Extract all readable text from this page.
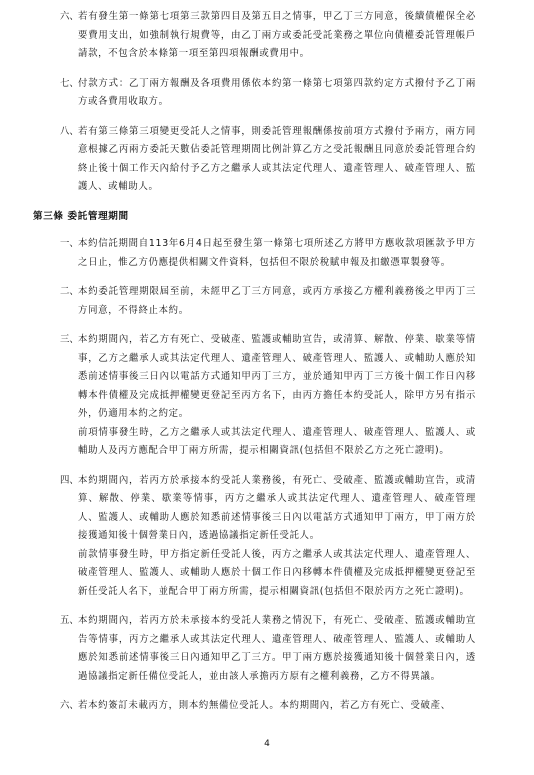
六、 若有發生第一條第七項第三款第四目及第五目之情事，甲乙丁三方同意，後續債權保全必要費用支出，如強制執行規費等，由乙丁兩方或委託受託業務之單位向債權委託管理帳戶請款，不包含於本條第一項至第四項報酬或費用中。
七、 付款方式：乙丁兩方報酬及各項費用係依本約第一條第七項第四款約定方式撥付予乙丁兩方或各費用收取方。
八、 若有第三條第三項變更受託人之情事，則委託管理報酬係按前項方式撥付予兩方，兩方同意根據乙丙兩方委託天數佔委託管理期間比例計算乙方之受託報酬且同意於委託管理合約終止後十個工作天內給付予乙方之繼承人或其法定代理人、遺產管理人、破產管理人、監護人、或輔助人。
第三條 委託管理期間
一、 本約信託期間自113年6月4日起至發生第一條第七項所述乙方將甲方應收款項匯款予甲方之日止，惟乙方仍應提供相關文件資料，包括但不限於稅賦申報及扣繳憑單製發等。
二、 本約委託管理期限屆至前，未經甲乙丁三方同意，或丙方承接乙方權利義務後之甲丙丁三方同意，不得終止本約。
三、 本約期間內，若乙方有死亡、受破產、監護或輔助宣告，或清算、解散、停業、歇業等情事，乙方之繼承人或其法定代理人、遺產管理人、破產管理人、監護人、或輔助人應於知悉前述情事後三日內以電話方式通知甲丙丁三方，並於通知甲丙丁三方後十個工作日內移轉本件債權及完成抵押權變更登記至丙方名下，由丙方擔任本約受託人，除甲方另有指示外，仍適用本約之約定。
前項情事發生時，乙方之繼承人或其法定代理人、遺產管理人、破產管理人、監護人、或輔助人及丙方應配合甲丁兩方所需，提示相關資訊(包括但不限於乙方之死亡證明)。
四、 本約期間內，若丙方於承接本約受託人業務後，有死亡、受破產、監護或輔助宣告，或清算、解散、停業、歇業等情事，丙方之繼承人或其法定代理人、遺產管理人、破產管理人、監護人、或輔助人應於知悉前述情事後三日內以電話方式通知甲丁兩方，甲丁兩方於接獲通知後十個營業日內，透過協議指定新任受託人。
前款情事發生時，甲方指定新任受託人後，丙方之繼承人或其法定代理人、遺產管理人、破產管理人、監護人、或輔助人應於十個工作日內移轉本件債權及完成抵押權變更登記至新任受託人名下，並配合甲丁兩方所需，提示相關資訊(包括但不限於丙方之死亡證明)。
五、 本約期間內，若丙方於未承接本約受託人業務之情況下，有死亡、受破產、監護或輔助宣告等情事，丙方之繼承人或其法定代理人、遺產管理人、破產管理人、監護人、或輔助人應於知悉前述情事後三日內通知甲乙丁三方。甲丁兩方應於接獲通知後十個營業日內，透過協議指定新任備位受託人，並由該人承擔丙方原有之權利義務，乙方不得異議。
六、 若本約簽訂未載丙方，則本約無備位受託人。本約期間內，若乙方有死亡、受破產、
4
